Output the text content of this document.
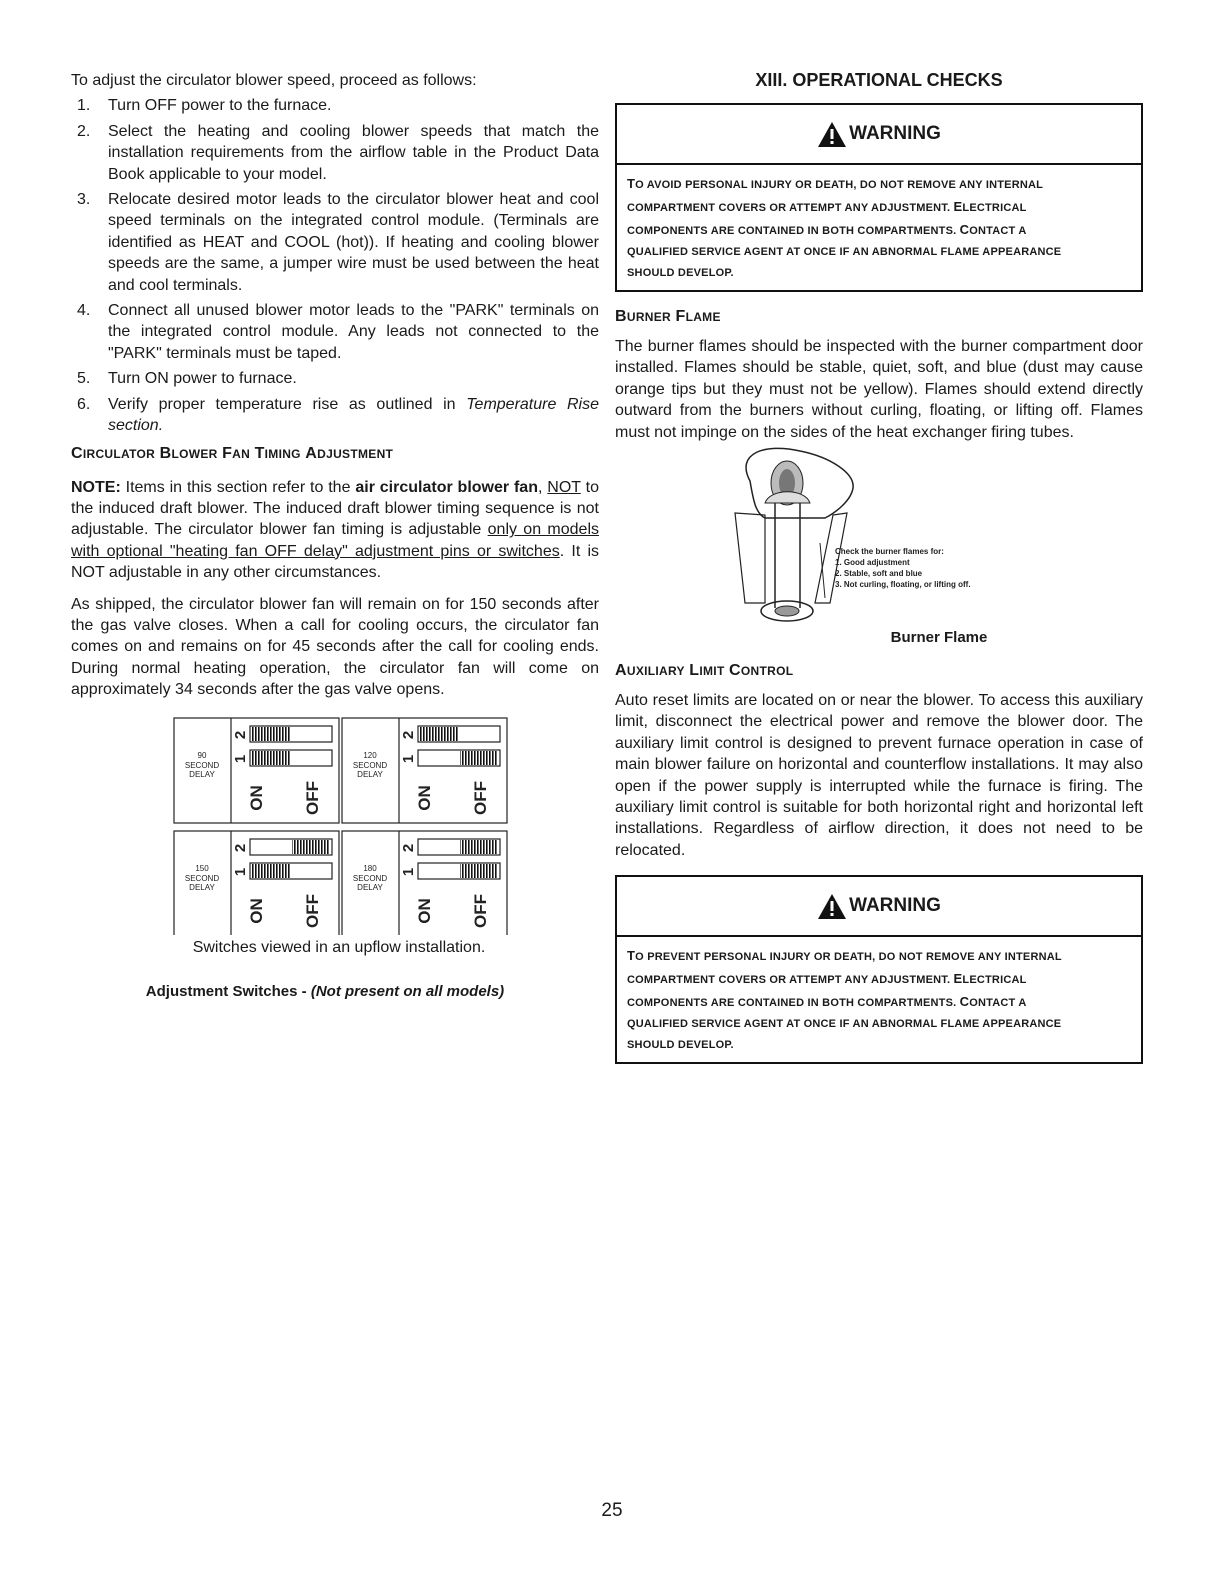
To adjust the circulator blower speed, proceed as follows:

1. Turn OFF power to the furnace.
2. Select the heating and cooling blower speeds that match the installation requirements from the airflow table in the Product Data Book applicable to your model.
3. Relocate desired motor leads to the circulator blower heat and cool speed terminals on the integrated control module. (Terminals are identified as HEAT and COOL (hot)). If heating and cooling blower speeds are the same, a jumper wire must be used between the heat and cool terminals.
4. Connect all unused blower motor leads to the "PARK" terminals on the integrated control module. Any leads not connected to the "PARK" terminals must be taped.
5. Turn ON power to furnace.
6. Verify proper temperature rise as outlined in Temperature Rise section.
CIRCULATOR BLOWER FAN TIMING ADJUSTMENT

NOTE: Items in this section refer to the air circulator blower fan, NOT to the induced draft blower. The induced draft blower timing sequence is not adjustable. The circulator blower fan timing is adjustable only on models with optional "heating fan OFF delay" adjustment pins or switches. It is NOT adjustable in any other circumstances.

As shipped, the circulator blower fan will remain on for 150 seconds after the gas valve closes. When a call for cooling occurs, the circulator fan comes on and remains on for 45 seconds after the call for cooling ends. During normal heating operation, the circulator fan will come on approximately 34 seconds after the gas valve opens.

90
SECOND
DELAY
2
1
ON OFF
120
SECOND
DELAY
2
1
ON OFF
150
SECOND
DELAY
2
1
ON OFF
180
SECOND
DELAY
2
1
ON OFF
Switches viewed in an upflow installation.
Adjustment Switches - (Not present on all models)
XIII. OPERATIONAL CHECKS
WARNING
TO AVOID PERSONAL INJURY OR DEATH, DO NOT REMOVE ANY INTERNAL
COMPARTMENT COVERS OR ATTEMPT ANY ADJUSTMENT. ELECTRICAL
COMPONENTS ARE CONTAINED IN BOTH COMPARTMENTS. CONTACT A
QUALIFIED SERVICE AGENT AT ONCE IF AN ABNORMAL FLAME APPEARANCE
SHOULD DEVELOP.
BURNER FLAME

The burner flames should be inspected with the burner compartment door installed. Flames should be stable, quiet, soft, and blue (dust may cause orange tips but they must not be yellow). Flames should extend directly outward from the burners without curling, floating, or lifting off. Flames must not impinge on the sides of the heat exchanger firing tubes.

Check the burner flames for:
1. Good adjustment
2. Stable, soft and blue
3. Not curling, floating, or lifting off.
Burner Flame
AUXILIARY LIMIT CONTROL

Auto reset limits are located on or near the blower. To access this auxiliary limit, disconnect the electrical power and remove the blower door. The auxiliary limit control is designed to prevent furnace operation in case of main blower failure on horizontal and counterflow installations. It may also open if the power supply is interrupted while the furnace is firing. The auxiliary limit control is suitable for both horizontal right and horizontal left installations. Regardless of airflow direction, it does not need to be relocated.

WARNING
TO PREVENT PERSONAL INJURY OR DEATH, DO NOT REMOVE ANY INTERNAL
COMPARTMENT COVERS OR ATTEMPT ANY ADJUSTMENT. ELECTRICAL
COMPONENTS ARE CONTAINED IN BOTH COMPARTMENTS. CONTACT A
QUALIFIED SERVICE AGENT AT ONCE IF AN ABNORMAL FLAME APPEARANCE
SHOULD DEVELOP.
25
